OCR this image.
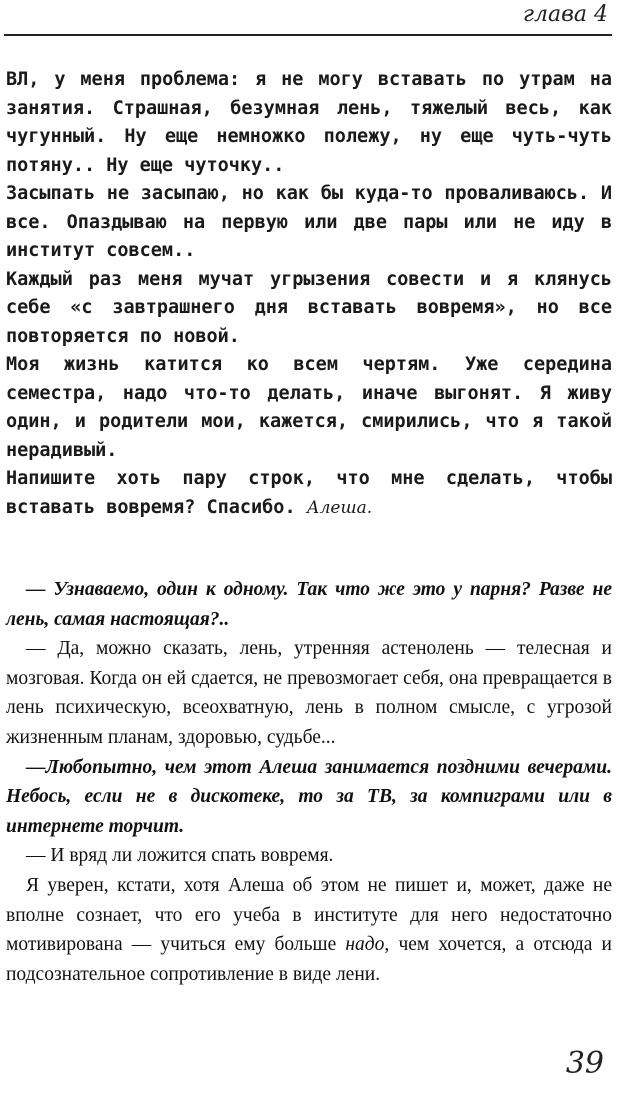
глава 4

ВЛ, у меня проблема: я не могу вставать по утрам на занятия. Страшная, безумная лень, тяжелый весь, как чугунный. Ну еще немножко полежу, ну еще чуть-чуть потяну.. Ну еще чуточку..

Засыпать не засыпаю, но как бы куда-то проваливаюсь. И все. Опаздываю на первую или две пары или не иду в институт совсем..

Каждый раз меня мучат угрызения совести и я клянусь себе «с завтрашнего дня вставать вовремя», но все повторяется по новой.

Моя жизнь катится ко всем чертям. Уже середина семестра, надо что-то делать, иначе выгонят. Я живу один, и родители мои, кажется, смирились, что я такой нерадивый.

Напишите хоть пару строк, что мне сделать, чтобы вставать вовремя? Спасибо. Алеша.

— Узнаваемо, один к одному. Так что же это у парня? Разве не лень, самая настоящая?..

— Да, можно сказать, лень, утренняя астенолень — телесная и мозговая. Когда он ей сдается, не превозмогает себя, она превращается в лень психическую, всеохватную, лень в полном смысле, с угрозой жизненным планам, здоровью, судьбе...

—Любопытно, чем этот Алеша занимается поздними вечерами. Небось, если не в дискотеке, то за ТВ, за компиграми или в интернете торчит.

— И вряд ли ложится спать вовремя.

Я уверен, кстати, хотя Алеша об этом не пишет и, может, даже не вполне сознает, что его учеба в институте для него недостаточно мотивирована — учиться ему больше надо, чем хочется, а отсюда и подсознательное сопротивление в виде лени.

39
